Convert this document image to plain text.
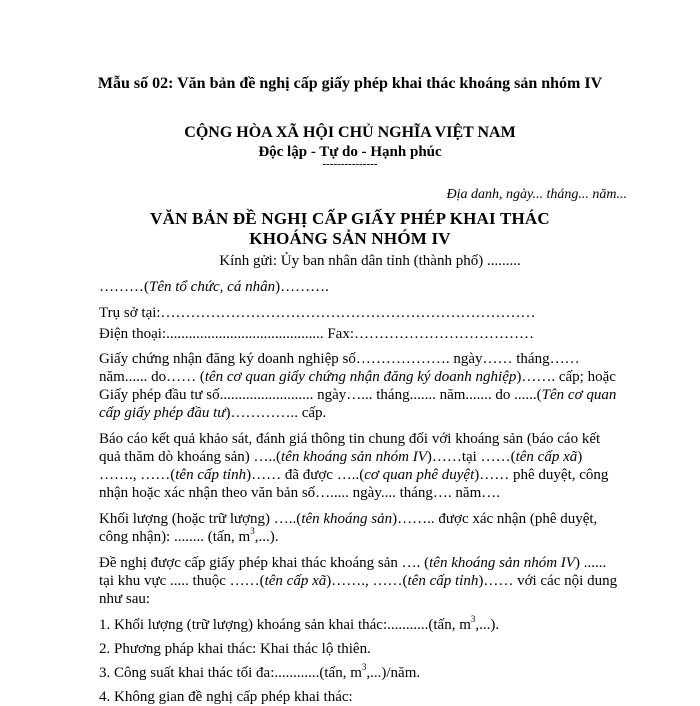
Mẫu số 02: Văn bản đề nghị cấp giấy phép khai thác khoáng sản nhóm IV
CỘNG HÒA XÃ HỘI CHỦ NGHĨA VIỆT NAM
Độc lập - Tự do - Hạnh phúc
---------------
Địa danh, ngày... tháng... năm...
VĂN BẢN ĐỀ NGHỊ CẤP GIẤY PHÉP KHAI THÁC
KHOÁNG SẢN NHÓM IV
Kính gửi: Ủy ban nhân dân tỉnh (thành phố) .........
………(Tên tổ chức, cá nhân)……….
Trụ sở tại:…………………………………………………………………
Điện thoại:.......................................... Fax:………………………………
Giấy chứng nhận đăng ký doanh nghiệp số………………. ngày…… tháng……
năm...... do…… (tên cơ quan giấy chứng nhận đăng ký doanh nghiệp)……. cấp; hoặc
Giấy phép đầu tư số......................... ngày…... tháng....... năm....... do ......(Tên cơ quan
cấp giấy phép đầu tư)………….. cấp.
Báo cáo kết quả khảo sát, đánh giá thông tin chung đối với khoáng sản (báo cáo kết
quả thăm dò khoáng sản) …..(tên khoáng sản nhóm IV)……tại ……(tên cấp xã)
……., ……(tên cấp tỉnh)…… đã được …..(cơ quan phê duyệt)…… phê duyệt, công
nhận hoặc xác nhận theo văn bản số…..... ngày.... tháng…. năm….
Khối lượng (hoặc trữ lượng) …..(tên khoáng sản)…….. được xác nhận (phê duyệt,
công nhận): ........ (tấn, $m^3$,...).
Đề nghị được cấp giấy phép khai thác khoáng sản …. (tên khoáng sản nhóm IV) ......
tại khu vực ..... thuộc ……(tên cấp xã)……., ……(tên cấp tỉnh)…… với các nội dung
như sau:
1. Khối lượng (trữ lượng) khoáng sản khai thác:...........(tấn, $m^3$,...).
2. Phương pháp khai thác: Khai thác lộ thiên.
3. Công suất khai thác tối đa:............(tấn, $m^3$,...)/năm.
4. Không gian đề nghị cấp phép khai thác:
